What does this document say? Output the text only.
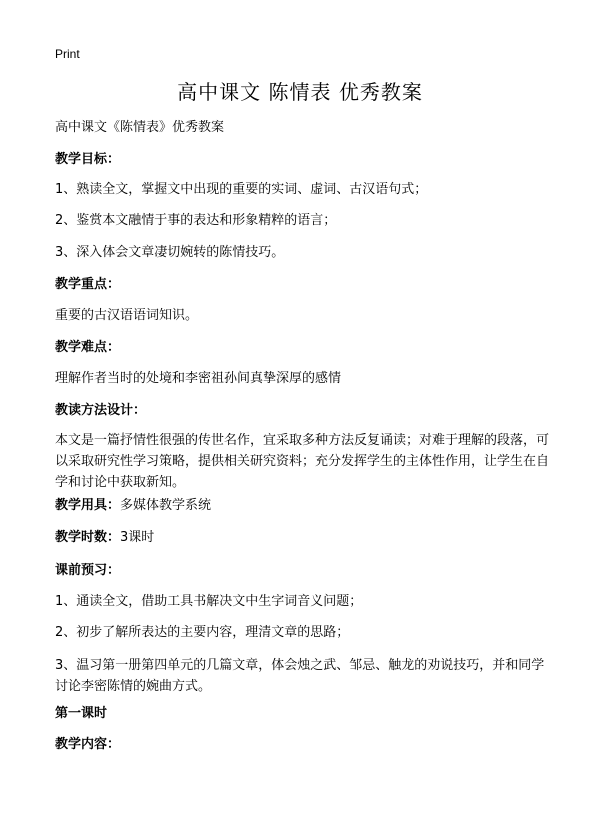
Print
高中课文 陈情表 优秀教案
高中课文《陈情表》优秀教案
教学目标：
1、熟读全文，掌握文中出现的重要的实词、虚词、古汉语句式；
2、鉴赏本文融情于事的表达和形象精粹的语言；
3、深入体会文章凄切婉转的陈情技巧。
教学重点：
重要的古汉语语词知识。
教学难点：
理解作者当时的处境和李密祖孙间真挚深厚的感情
教读方法设计：
本文是一篇抒情性很强的传世名作，宜采取多种方法反复诵读；对难于理解的段落，可以采取研究性学习策略，提供相关研究资料；充分发挥学生的主体性作用，让学生在自学和讨论中获取新知。
教学用具：多媒体教学系统
教学时数：3课时
课前预习：
1、通读全文，借助工具书解决文中生字词音义问题；
2、初步了解所表达的主要内容，理清文章的思路；
3、温习第一册第四单元的几篇文章，体会烛之武、邹忌、触龙的劝说技巧，并和同学讨论李密陈情的婉曲方式。
第一课时
教学内容：
